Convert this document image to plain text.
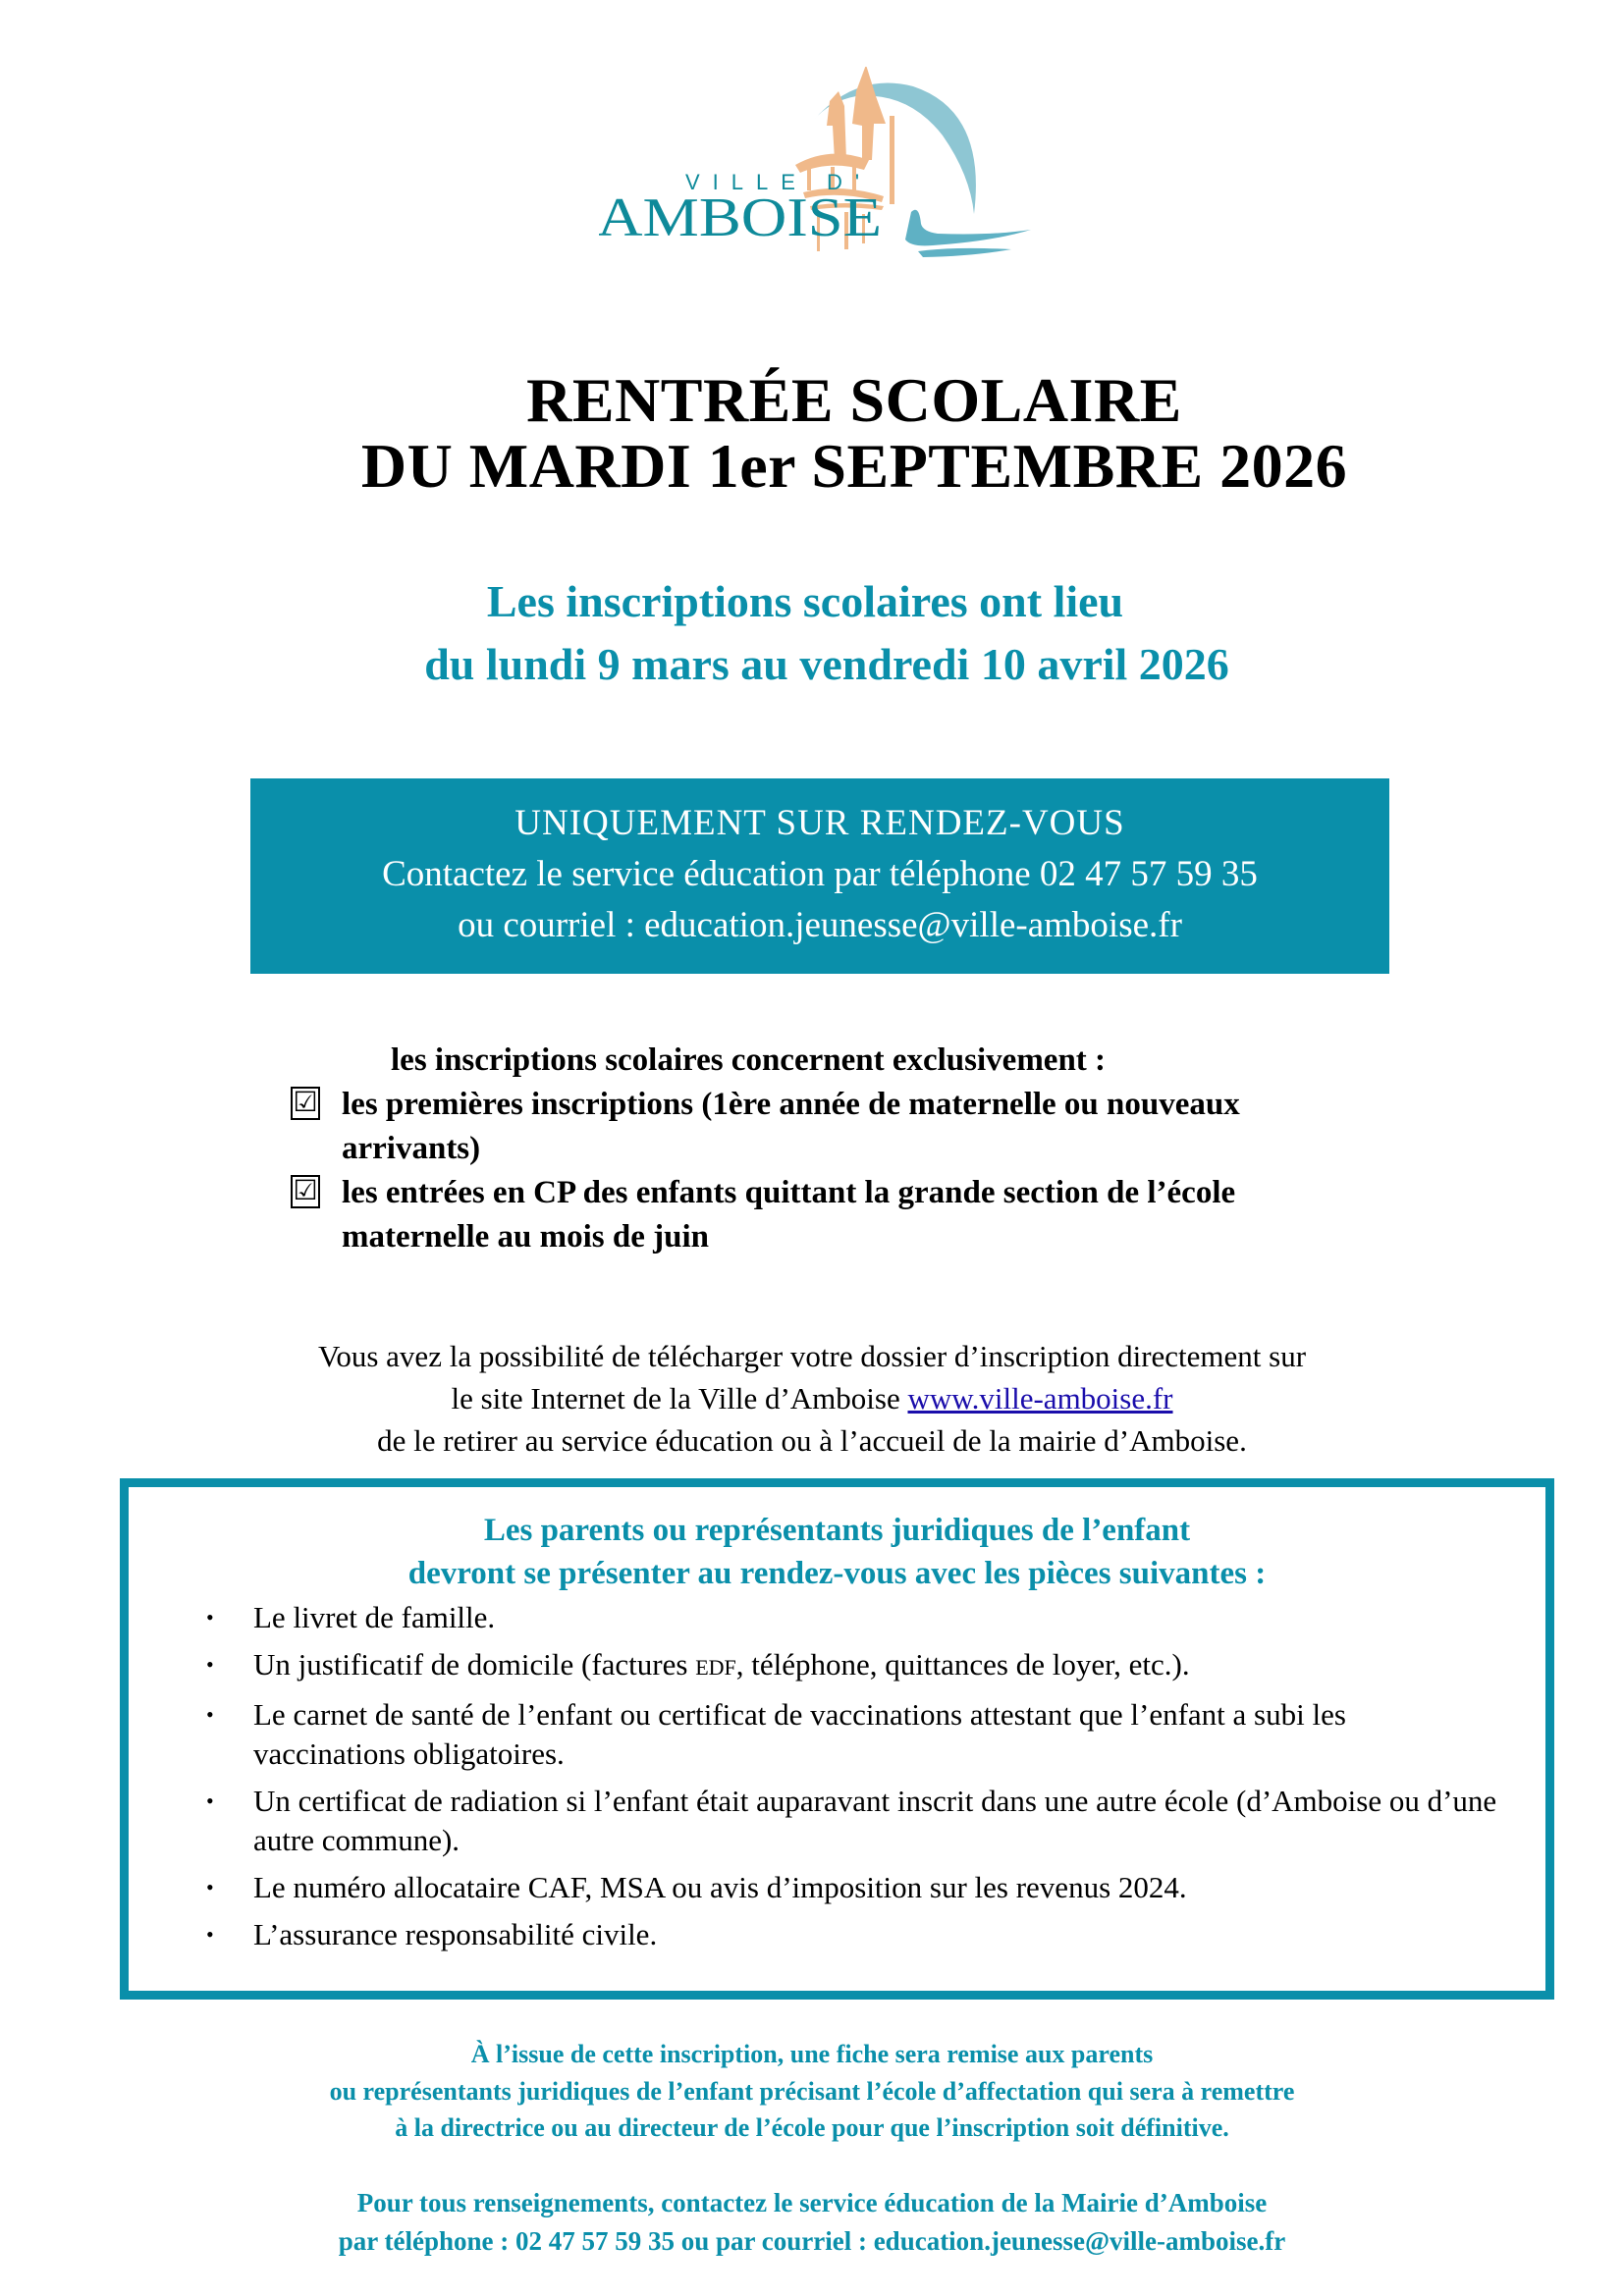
VILLE D'
AMBOISE
RENTRÉE SCOLAIRE
DU MARDI 1er SEPTEMBRE 2026
Les inscriptions scolaires ont lieu
du lundi 9 mars au vendredi 10 avril 2026
UNIQUEMENT SUR RENDEZ-VOUS
Contactez le service éducation par téléphone 02 47 57 59 35
ou courriel : education.jeunesse@ville-amboise.fr
les inscriptions scolaires concernent exclusivement :
☑ les premières inscriptions (1ère année de maternelle ou nouveaux
arrivants)
☑ les entrées en CP des enfants quittant la grande section de l’école
maternelle au mois de juin
Vous avez la possibilité de télécharger votre dossier d’inscription directement sur
le site Internet de la Ville d’Amboise www.ville-amboise.fr
de le retirer au service éducation ou à l’accueil de la mairie d’Amboise.
Les parents ou représentants juridiques de l’enfant
devront se présenter au rendez-vous avec les pièces suivantes :
• Le livret de famille.
• Un justificatif de domicile (factures EDF, téléphone, quittances de loyer, etc.).
• Le carnet de santé de l’enfant ou certificat de vaccinations attestant que l’enfant a subi les vaccinations obligatoires.
• Un certificat de radiation si l’enfant était auparavant inscrit dans une autre école (d’Amboise ou d’une autre commune).
• Le numéro allocataire CAF, MSA ou avis d’imposition sur les revenus 2024.
• L’assurance responsabilité civile.
À l’issue de cette inscription, une fiche sera remise aux parents
ou représentants juridiques de l’enfant précisant l’école d’affectation qui sera à remettre
à la directrice ou au directeur de l’école pour que l’inscription soit définitive.
Pour tous renseignements, contactez le service éducation de la Mairie d’Amboise
par téléphone : 02 47 57 59 35 ou par courriel : education.jeunesse@ville-amboise.fr
